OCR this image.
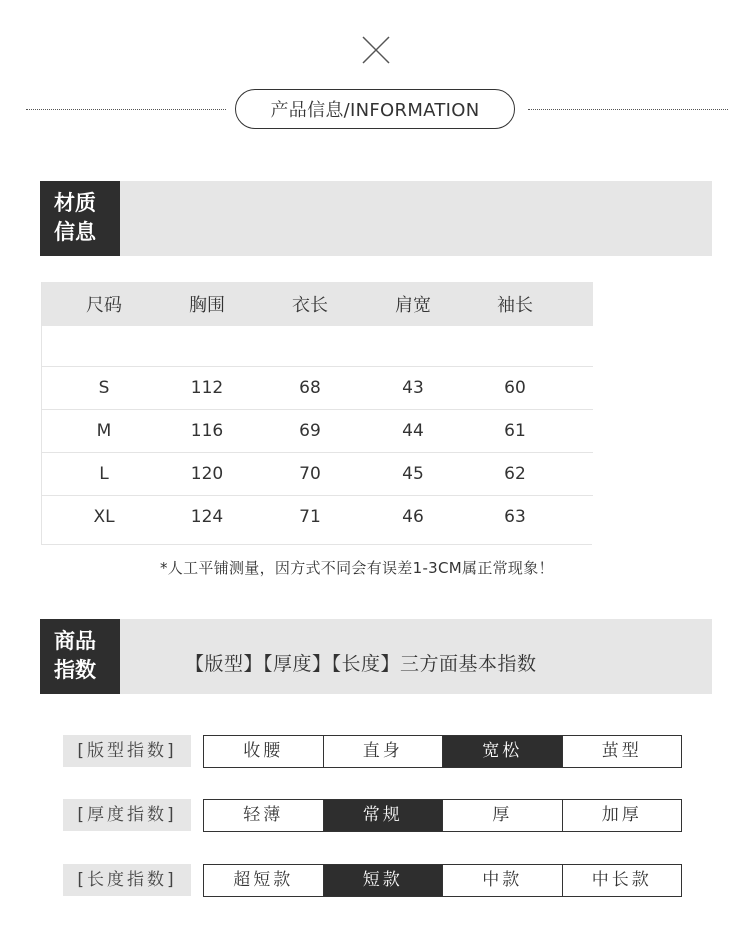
产品信息/INFORMATION
材质
信息
尺码	胸围	衣长	肩宽	袖长
S	112	68	43	60
M	116	69	44	61
L	120	70	45	62
XL	124	71	46	63
*人工平铺测量，因方式不同会有误差1-3CM属正常现象！
商品
指数	【版型】【厚度】【长度】三方面基本指数
[版型指数]	收腰	直身	宽松	茧型
[厚度指数]	轻薄	常规	厚	加厚
[长度指数]	超短款	短款	中款	中长款
